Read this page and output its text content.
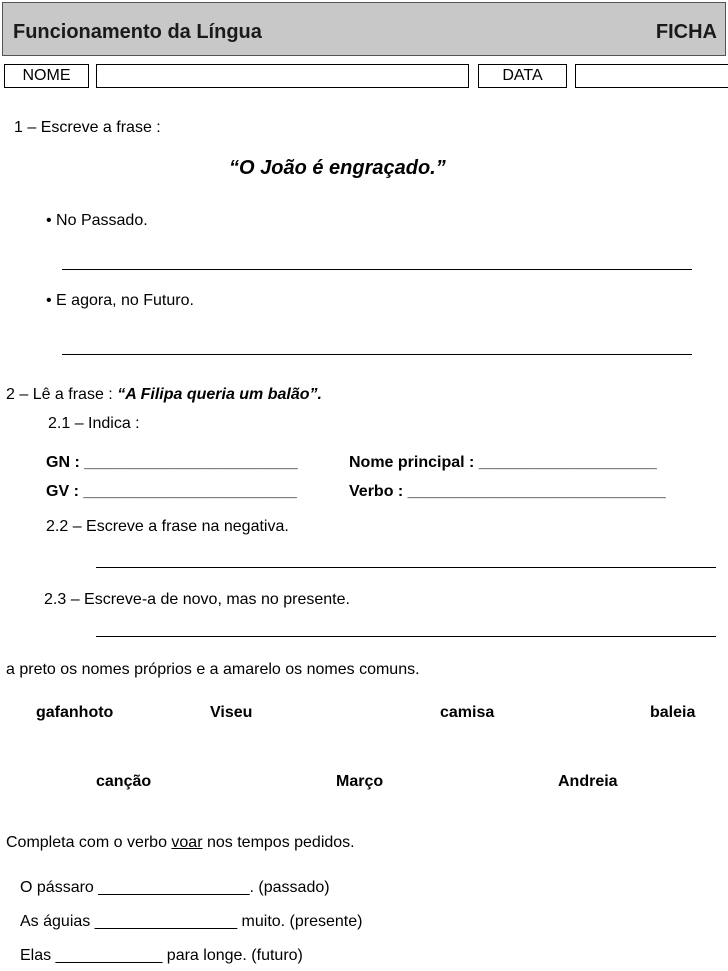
Funcionamento da Língua	FICHA
NOME	DATA
1 – Escreve a frase :
“O João é engraçado.”
• No Passado.
• E agora, no Futuro.
2 – Lê a frase : “A Filipa queria um balão”.
2.1 – Indica :
GN : ________________________	Nome principal : ____________________
GV : ________________________	Verbo : _____________________________
2.2 – Escreve a frase na negativa.
2.3 – Escreve-a de novo, mas no presente.
a preto os nomes próprios e a amarelo os nomes comuns.
gafanhoto	Viseu	camisa	baleia
canção	Março	Andreia
Completa com o verbo voar nos tempos pedidos.
O pássaro _________________. (passado)
As águias ________________ muito. (presente)
Elas ____________ para longe. (futuro)
